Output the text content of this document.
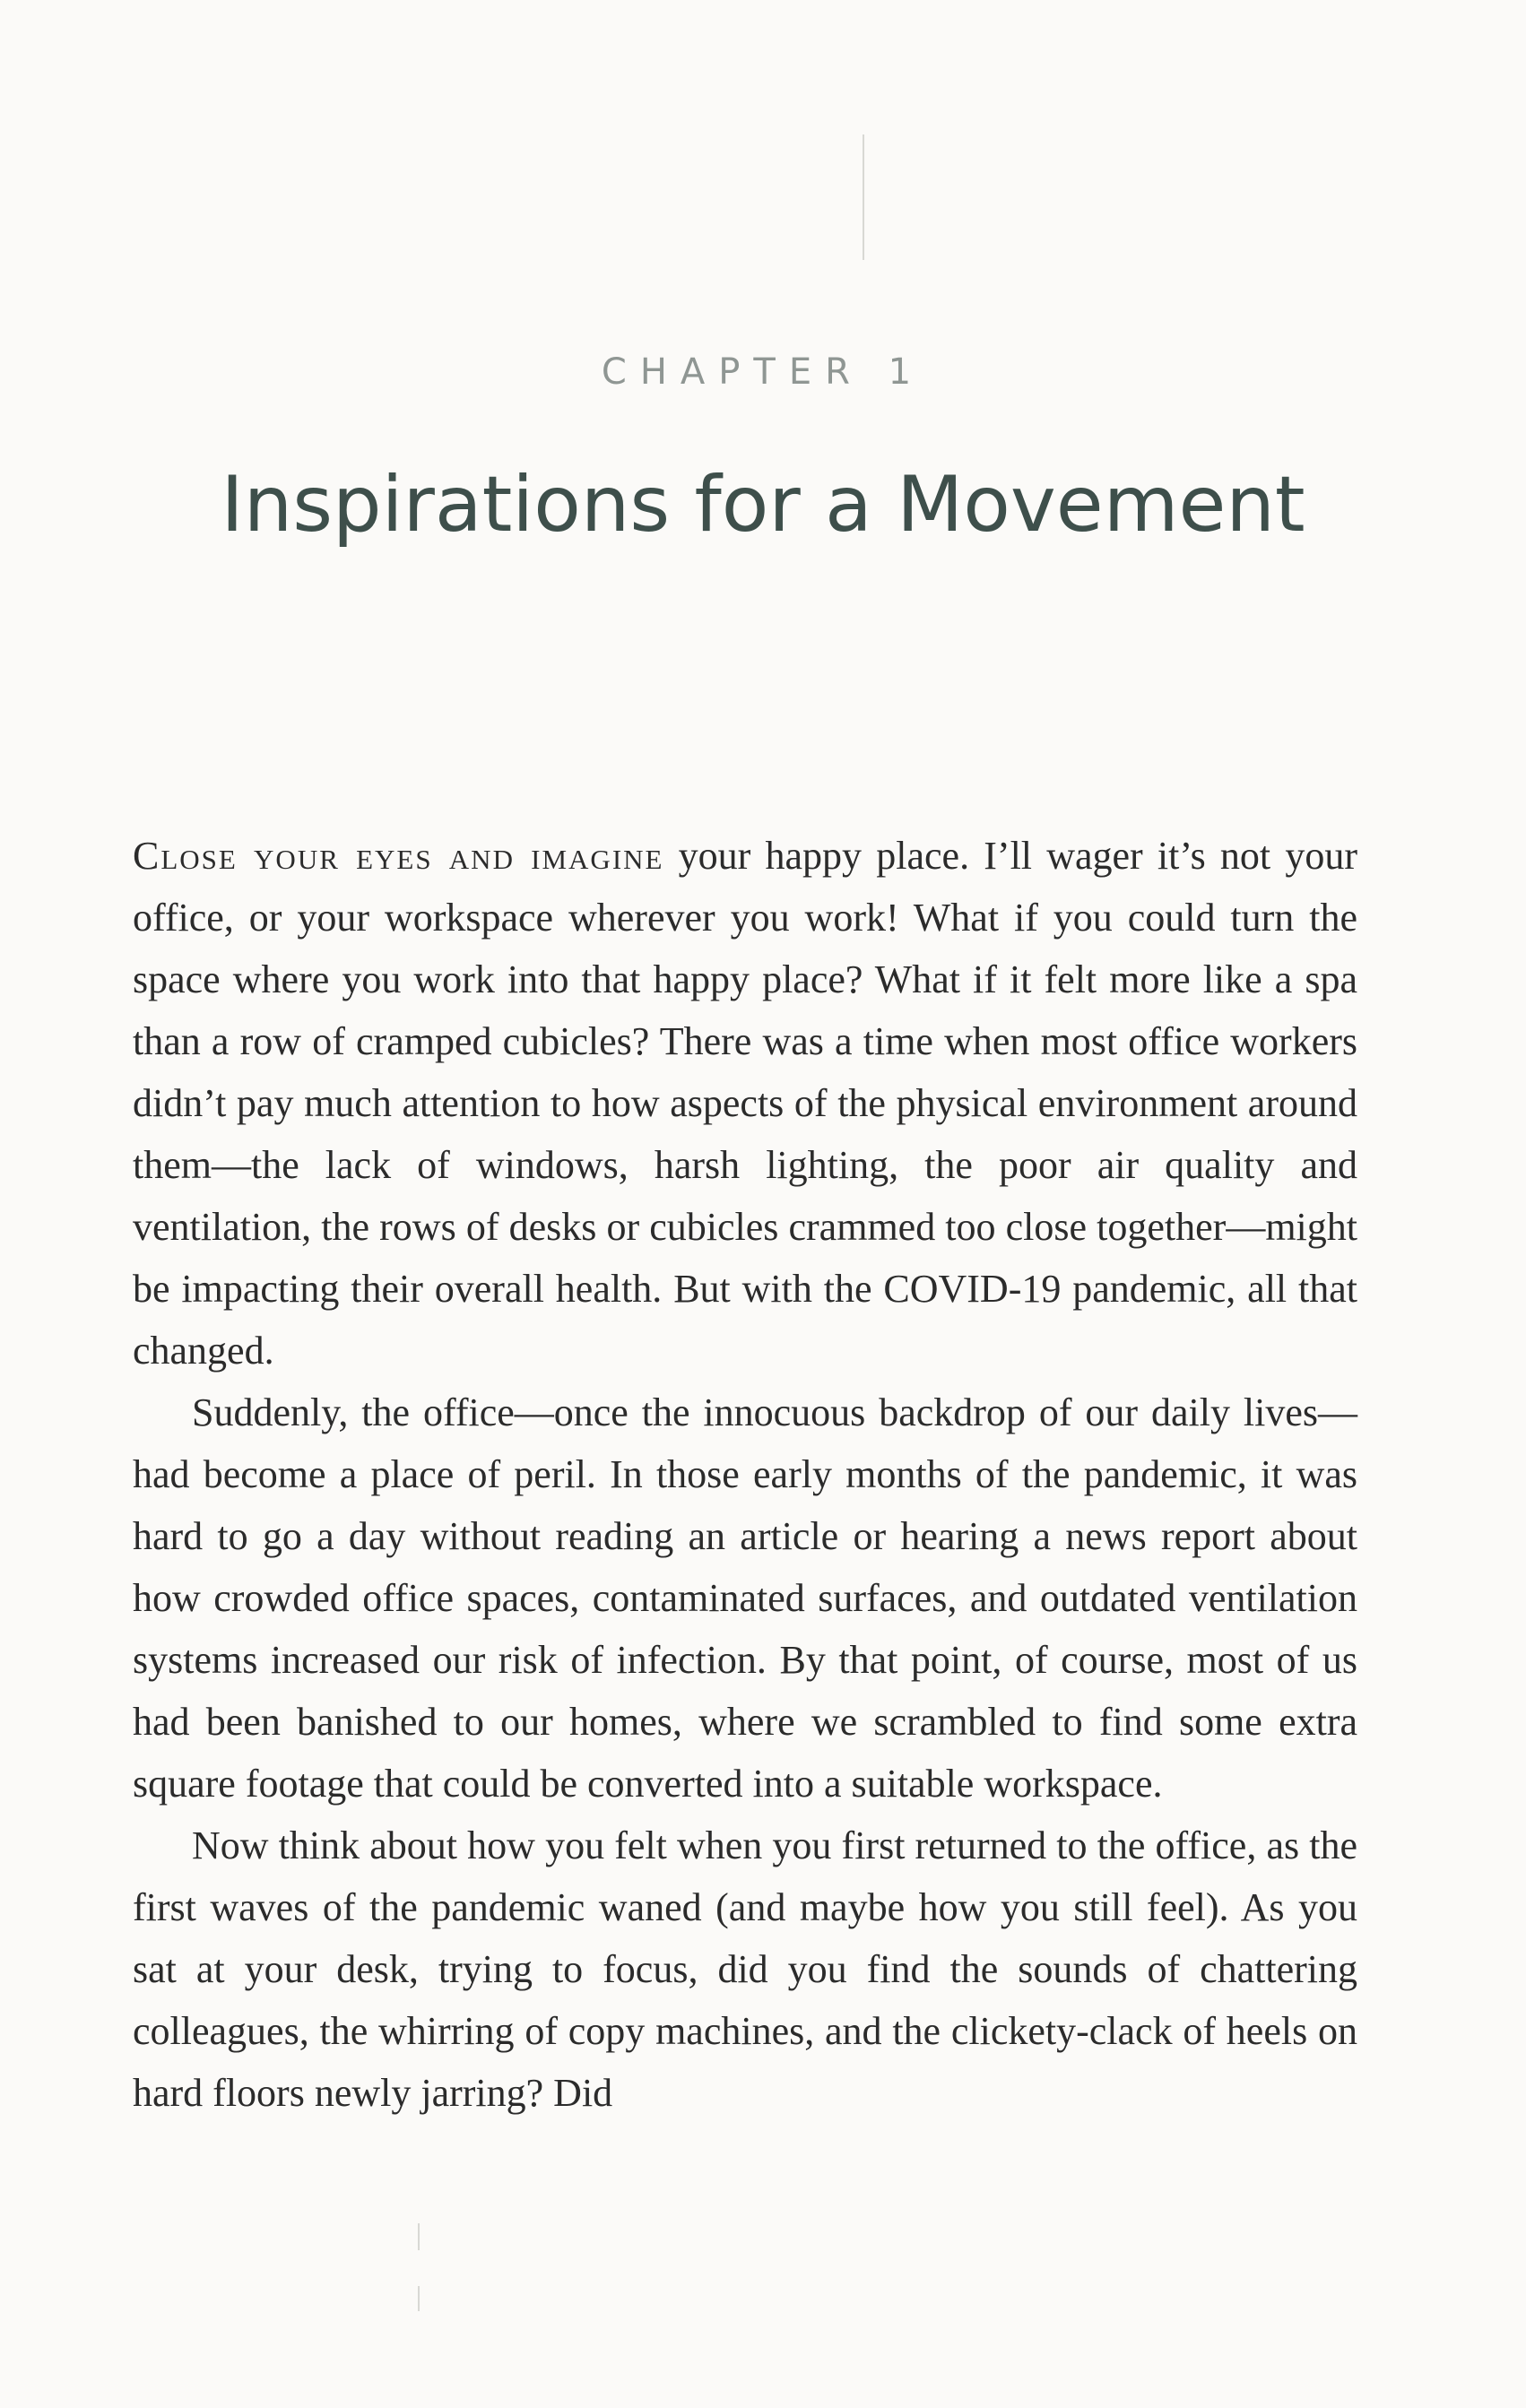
CHAPTER 1
Inspirations for a Movement

Close your eyes and imagine your happy place. I’ll wager it’s not your office, or your workspace wherever you work! What if you could turn the space where you work into that happy place? What if it felt more like a spa than a row of cramped cubicles? There was a time when most office workers didn’t pay much attention to how aspects of the physical environment around them—the lack of windows, harsh lighting, the poor air quality and ventilation, the rows of desks or cubicles crammed too close together—might be impacting their overall health. But with the COVID-19 pandemic, all that changed.

Suddenly, the office—once the innocuous backdrop of our daily lives—had become a place of peril. In those early months of the pandemic, it was hard to go a day without reading an article or hearing a news report about how crowded office spaces, contaminated surfaces, and outdated ventilation systems increased our risk of infection. By that point, of course, most of us had been banished to our homes, where we scrambled to find some extra square footage that could be converted into a suitable workspace.

Now think about how you felt when you first returned to the office, as the first waves of the pandemic waned (and maybe how you still feel). As you sat at your desk, trying to focus, did you find the sounds of chattering colleagues, the whirring of copy machines, and the clickety-clack of heels on hard floors newly jarring? Did
